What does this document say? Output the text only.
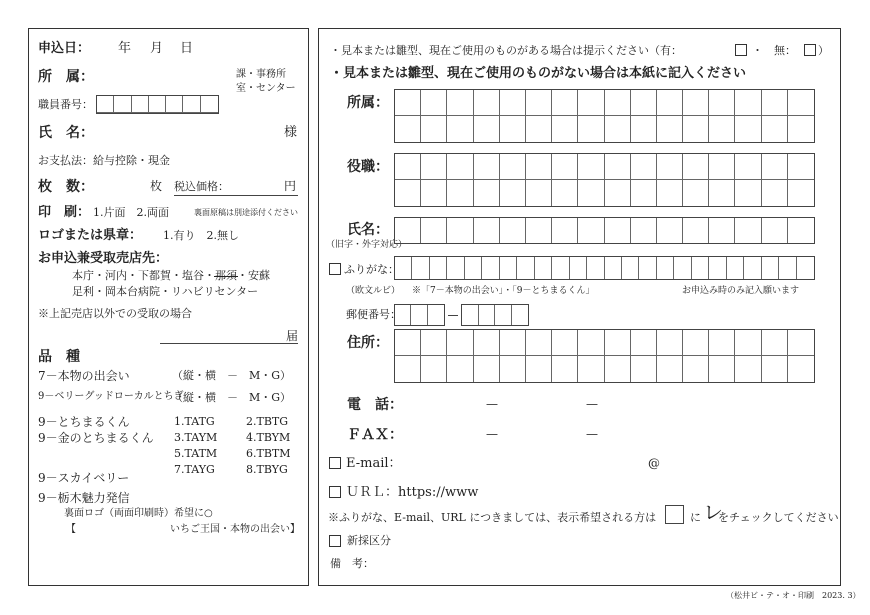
申込日： 年 月 日
所　属：	課・事務所
室・センター
職員番号：
氏　名：	様
お支払法： 給与控除・現金
枚　数：	枚 税込価格：	円
印　刷： 1.片面　2.両面	裏面原稿は別途添付ください
ロゴまたは県章： 1.有り　2.無し
お申込兼受取売店先：
本庁・河内・下都賀・塩谷・那須・安蘇
足利・岡本台病院・リハビリセンター
※上記売店以外での受取の場合
届
品　種
7－本物の出会い	（縦・横　－　M・G）
9－ベリーグッドローカルとちぎ
（縦・横　－　M・G）
9－とちまるくん	1.TATG	2.TBTG
9－金のとちまるくん 3.TAYM	4.TBYM
5.TATM	6.TBTM
7.TAYG	8.TBYG
9－スカイベリー
9－栃木魅力発信
裏面ロゴ（両面印刷時）希望に○
【	いちご王国・本物の出会い】
・見本または雛型、現在ご使用のものがある場合は提示ください（有：	・　無： ）
・見本または雛型、現在ご使用のものがない場合は本紙に記入ください
所属：
役職：
氏名：
（旧字・外字対応）
ふりがな：
（欧文ルビ） ※「7－本物の出会い」・「9－とちまるくん」	お申込み時のみ記入願います
郵便番号：
住所：
電　話：	—	—
ＦＡＸ：	—	—
E-mail：	@
ＵＲＬ：https://www
※ふりがな、E-mail、URL につきましては、表示希望される方は	に レ
をチェックしてください
新採区分
備　考：
（松井ビ・テ・オ・印刷　2023. 3）
